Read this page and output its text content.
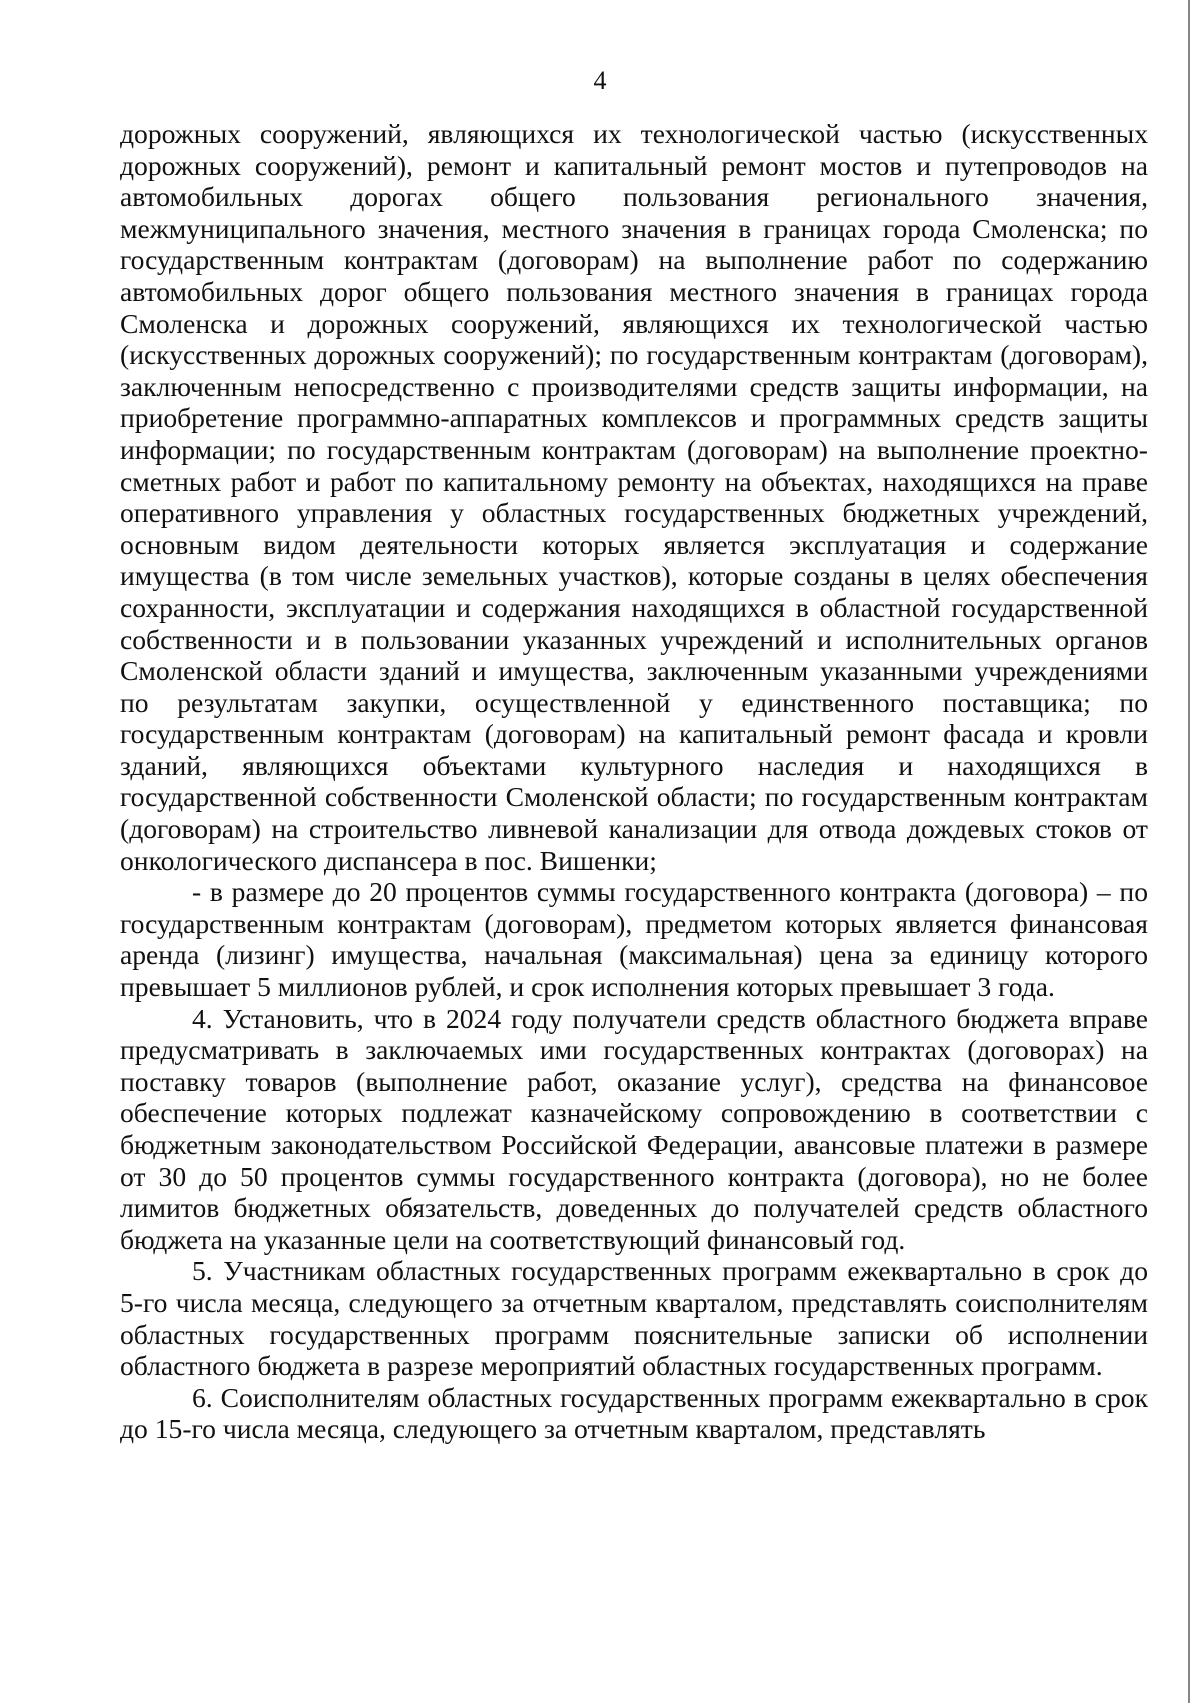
4

дорожных сооружений, являющихся их технологической частью (искусственных дорожных сооружений), ремонт и капитальный ремонт мостов и путепроводов на автомобильных дорогах общего пользования регионального значения, межмуниципального значения, местного значения в границах города Смоленска; по государственным контрактам (договорам) на выполнение работ по содержанию автомобильных дорог общего пользования местного значения в границах города Смоленска и дорожных сооружений, являющихся их технологической частью (искусственных дорожных сооружений); по государственным контрактам (договорам), заключенным непосредственно с производителями средств защиты информации, на приобретение программно-аппаратных комплексов и программных средств защиты информации; по государственным контрактам (договорам) на выполнение проектно-сметных работ и работ по капитальному ремонту на объектах, находящихся на праве оперативного управления у областных государственных бюджетных учреждений, основным видом деятельности которых является эксплуатация и содержание имущества (в том числе земельных участков), которые созданы в целях обеспечения сохранности, эксплуатации и содержания находящихся в областной государственной собственности и в пользовании указанных учреждений и исполнительных органов Смоленской области зданий и имущества, заключенным указанными учреждениями по результатам закупки, осуществленной у единственного поставщика; по государственным контрактам (договорам) на капитальный ремонт фасада и кровли зданий, являющихся объектами культурного наследия и находящихся в государственной собственности Смоленской области; по государственным контрактам (договорам) на строительство ливневой канализации для отвода дождевых стоков от онкологического диспансера в пос. Вишенки;

- в размере до 20 процентов суммы государственного контракта (договора) – по государственным контрактам (договорам), предметом которых является финансовая аренда (лизинг) имущества, начальная (максимальная) цена за единицу которого превышает 5 миллионов рублей, и срок исполнения которых превышает 3 года.

4. Установить, что в 2024 году получатели средств областного бюджета вправе предусматривать в заключаемых ими государственных контрактах (договорах) на поставку товаров (выполнение работ, оказание услуг), средства на финансовое обеспечение которых подлежат казначейскому сопровождению в соответствии с бюджетным законодательством Российской Федерации, авансовые платежи в размере от 30 до 50 процентов суммы государственного контракта (договора), но не более лимитов бюджетных обязательств, доведенных до получателей средств областного бюджета на указанные цели на соответствующий финансовый год.

5. Участникам областных государственных программ ежеквартально в срок до 5-го числа месяца, следующего за отчетным кварталом, представлять соисполнителям областных государственных программ пояснительные записки об исполнении областного бюджета в разрезе мероприятий областных государственных программ.

6. Соисполнителям областных государственных программ ежеквартально в срок до 15-го числа месяца, следующего за отчетным кварталом, представлять
